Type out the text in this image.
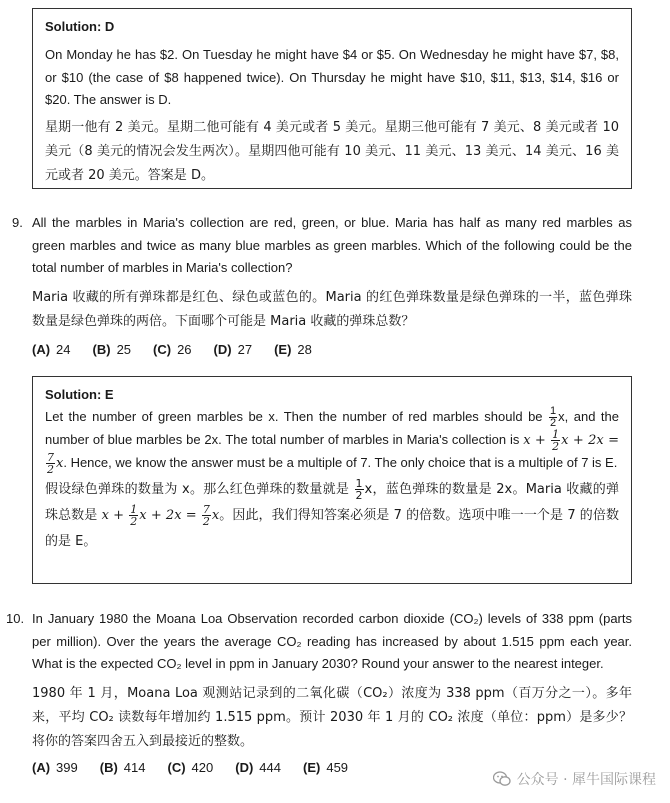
Solution: D

On Monday he has $2. On Tuesday he might have $4 or $5. On Wednesday he might have $7, $8, or $10 (the case of $8 happened twice). On Thursday he might have $10, $11, $13, $14, $16 or $20. The answer is D.

星期一他有 2 美元。星期二他可能有 4 美元或者 5 美元。星期三他可能有 7 美元、8 美元或者 10 美元（8 美元的情况会发生两次）。星期四他可能有 10 美元、11 美元、13 美元、14 美元、16 美元或者 20 美元。答案是 D。

9. All the marbles in Maria's collection are red, green, or blue. Maria has half as many red marbles as green marbles and twice as many blue marbles as green marbles. Which of the following could be the total number of marbles in Maria's collection?

Maria 收藏的所有弹珠都是红色、绿色或蓝色的。Maria 的红色弹珠数量是绿色弹珠的一半，蓝色弹珠数量是绿色弹珠的两倍。下面哪个可能是 Maria 收藏的弹珠总数？

(A) 24 (B) 25 (C) 26 (D) 27 (E) 28
Solution: E

Let the number of green marbles be x. Then the number of red marbles should be $\frac{1}{2} x$, and the number of blue marbles be 2x. The total number of marbles in Maria's collection is $x + \frac{1}{2}$ x + 2x =
$\frac{7}{2} x$. Hence, we know the answer must be a multiple of 7. The only choice that is a multiple of 7 is E.

假设绿色弹珠的数量为 x。那么红色弹珠的数量就是 $\frac{1}{2}$ x，蓝色弹珠的数量是 2x。Maria 收藏的弹珠总数是 $x + \frac{1}{2}$ $x + 2x = \frac{7}{2}$ x。因此，我们得知答案必须是 7 的倍数。选项中唯一一个是 7 的倍数的是 E。

10. In January 1980 the Moana Loa Observation recorded carbon dioxide (CO₂) levels of 338 ppm (parts per million). Over the years the average CO₂ reading has increased by about 1.515 ppm each year. What is the expected CO₂ level in ppm in January 2030? Round your answer to the nearest integer.

1980 年 1 月，Moana Loa 观测站记录到的二氧化碳（CO₂）浓度为 338 ppm（百万分之一）。多年来，平均 CO₂ 读数每年增加约 1.515 ppm。预计 2030 年 1 月的 CO₂ 浓度（单位：ppm）是多少？将你的答案四舍五入到最接近的整数。

(A) 399 (B) 414 (C) 420 (D) 444 (E) 459
公众号 · 犀牛国际课程
